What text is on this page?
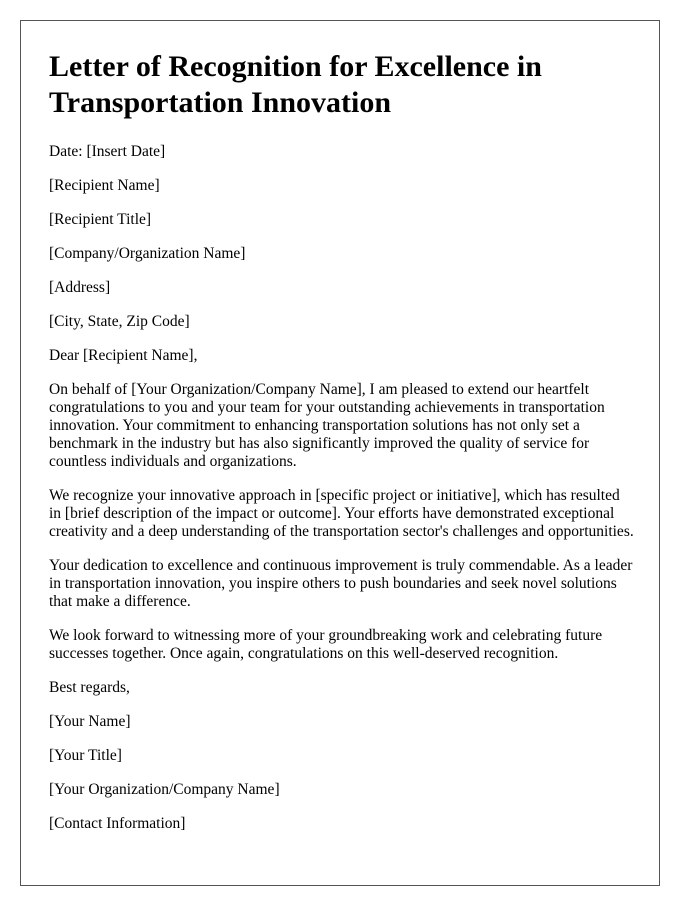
Letter of Recognition for Excellence in Transportation Innovation

Date: [Insert Date]

[Recipient Name]

[Recipient Title]

[Company/Organization Name]

[Address]

[City, State, Zip Code]

Dear [Recipient Name],

On behalf of [Your Organization/Company Name], I am pleased to extend our heartfelt congratulations to you and your team for your outstanding achievements in transportation innovation. Your commitment to enhancing transportation solutions has not only set a benchmark in the industry but has also significantly improved the quality of service for countless individuals and organizations.

We recognize your innovative approach in [specific project or initiative], which has resulted in [brief description of the impact or outcome]. Your efforts have demonstrated exceptional creativity and a deep understanding of the transportation sector's challenges and opportunities.

Your dedication to excellence and continuous improvement is truly commendable. As a leader in transportation innovation, you inspire others to push boundaries and seek novel solutions that make a difference.

We look forward to witnessing more of your groundbreaking work and celebrating future successes together. Once again, congratulations on this well-deserved recognition.

Best regards,

[Your Name]

[Your Title]

[Your Organization/Company Name]

[Contact Information]
